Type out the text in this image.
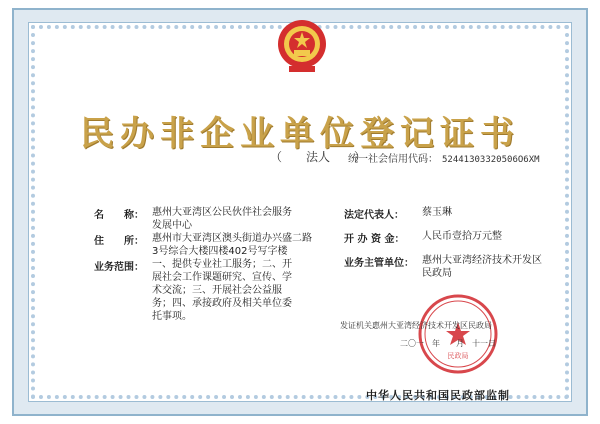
民办非企业单位登记证书
（　　法人　　）
统一社会信用代码： 52441303320506O6XM
名　　称： 惠州大亚湾区公民伙伴社会服务
发展中心
住　　所： 惠州市大亚湾区澳头街道办兴盛二路
3号综合大楼四楼402号写字楼
业务范围： 一、提供专业社工服务；二、开
展社会工作课题研究、宣传、学
术交流；三、开展社会公益服
务；四、承接政府及相关单位委
托事项。
法定代表人： 蔡玉琳
开 办 资 金： 人民币壹拾万元整
业务主管单位： 惠州大亚湾经济技术开发区
民政局
民政局
发证机关：
惠州大亚湾经济技术开发区民政局
二〇一　年　　月　十一日
中华人民共和国民政部监制
